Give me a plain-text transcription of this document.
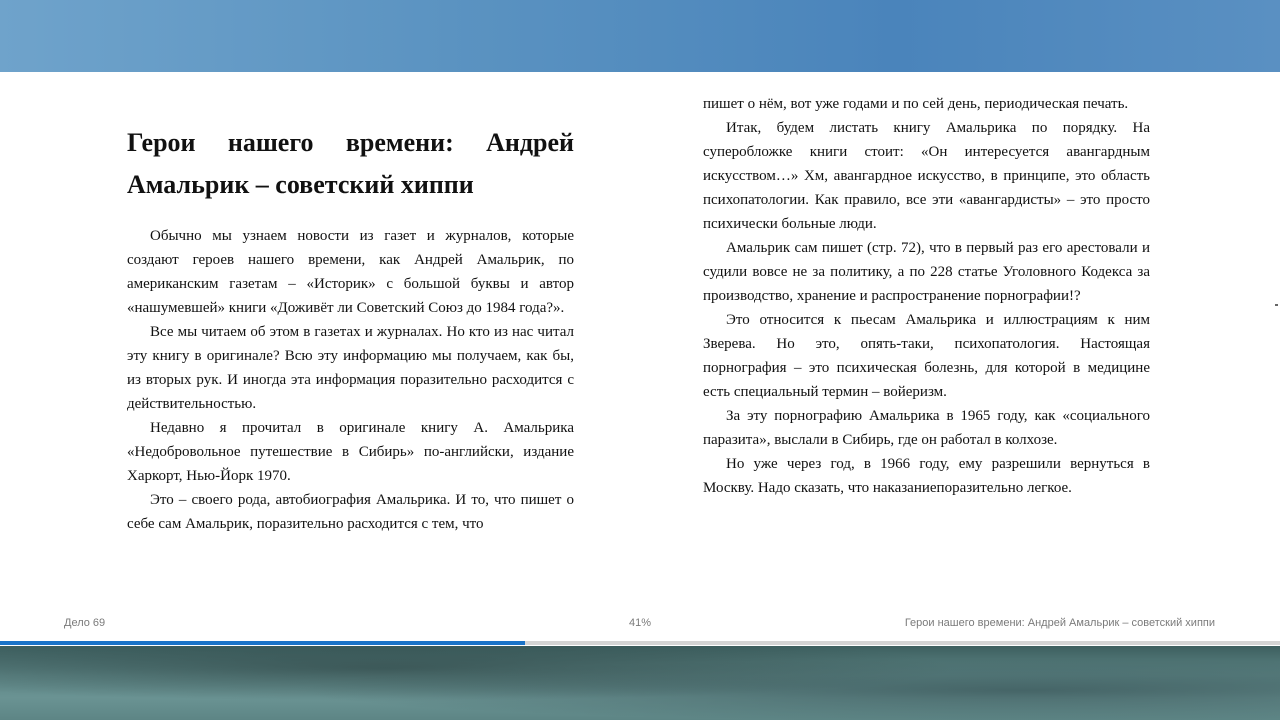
Герои нашего времени: Андрей Амальрик – советский хиппи

Обычно мы узнаем новости из газет и журналов, которые создают героев нашего времени, как Андрей Амальрик, по американским газетам – «Историк» с большой буквы и автор «нашумевшей» книги «Доживёт ли Советский Союз до 1984 года?».

Все мы читаем об этом в газетах и журналах. Но кто из нас читал эту книгу в оригинале? Всю эту информацию мы получаем, как бы, из вторых рук. И иногда эта информация поразительно расходится с действительностью.

Недавно я прочитал в оригинале книгу А. Амальрика «Недобровольное путешествие в Сибирь» по-английски, издание Харкорт, Нью-Йорк 1970.

Это – своего рода, автобиография Амальрика. И то, что пишет о себе сам Амальрик, поразительно расходится с тем, что

пишет о нём, вот уже годами и по сей день, периодическая печать.

Итак, будем листать книгу Амальрика по порядку. На суперобложке книги стоит: «Он интересуется авангардным искусством…» Хм, авангардное искусство, в принципе, это область психопатологии. Как правило, все эти «авангардисты» – это просто психически больные люди.

Амальрик сам пишет (стр. 72), что в первый раз его арестовали и судили вовсе не за политику, а по 228 статье Уголовного Кодекса за производство, хранение и распространение порнографии!?

Это относится к пьесам Амальрика и иллюстрациям к ним Зверева. Но это, опять-таки, психопатология. Настоящая порнография – это психическая болезнь, для которой в медицине есть специальный термин – войеризм.

За эту порнографию Амальрика в 1965 году, как «социального паразита», выслали в Сибирь, где он работал в колхозе.

Но уже через год, в 1966 году, ему разрешили вернуться в Москву. Надо сказать, что наказаниепоразительно легкое.

Дело 69	41%	Герои нашего времени: Андрей Амальрик – советский хиппи
